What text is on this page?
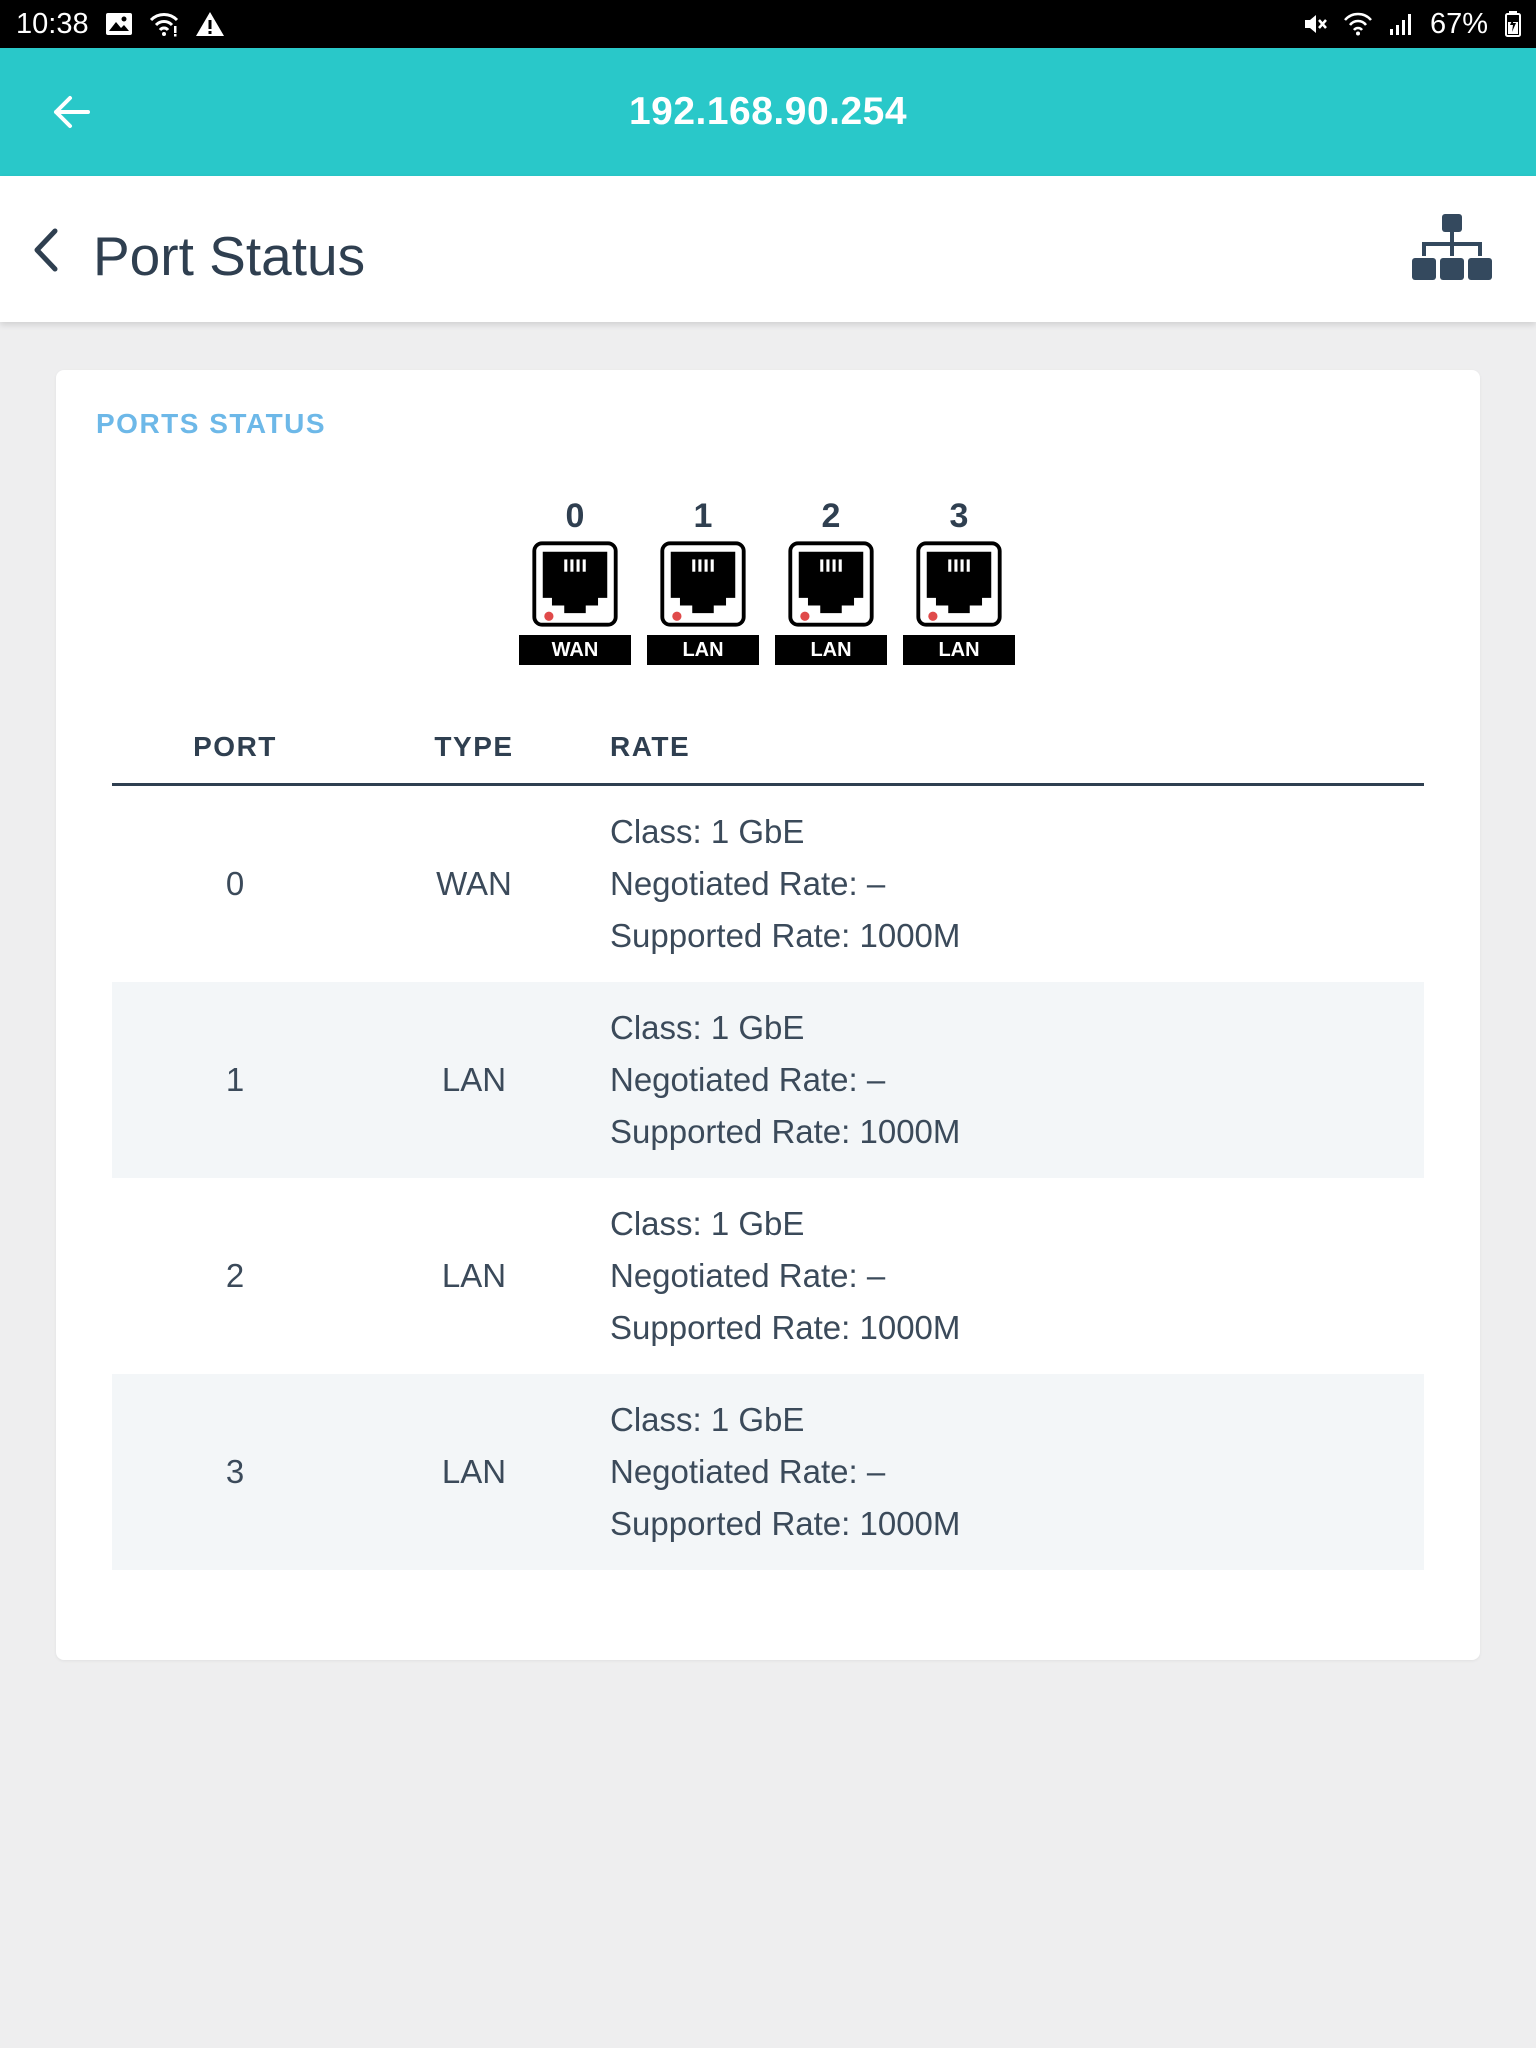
10:38	67%
192.168.90.254
Port Status
PORTS STATUS
0
WAN
1
LAN
2
LAN
3
LAN
PORT	TYPE	RATE
0	WAN
Class: 1 GbE
Negotiated Rate: –
Supported Rate: 1000M
1	LAN
Class: 1 GbE
Negotiated Rate: –
Supported Rate: 1000M
2	LAN
Class: 1 GbE
Negotiated Rate: –
Supported Rate: 1000M
3	LAN
Class: 1 GbE
Negotiated Rate: –
Supported Rate: 1000M
